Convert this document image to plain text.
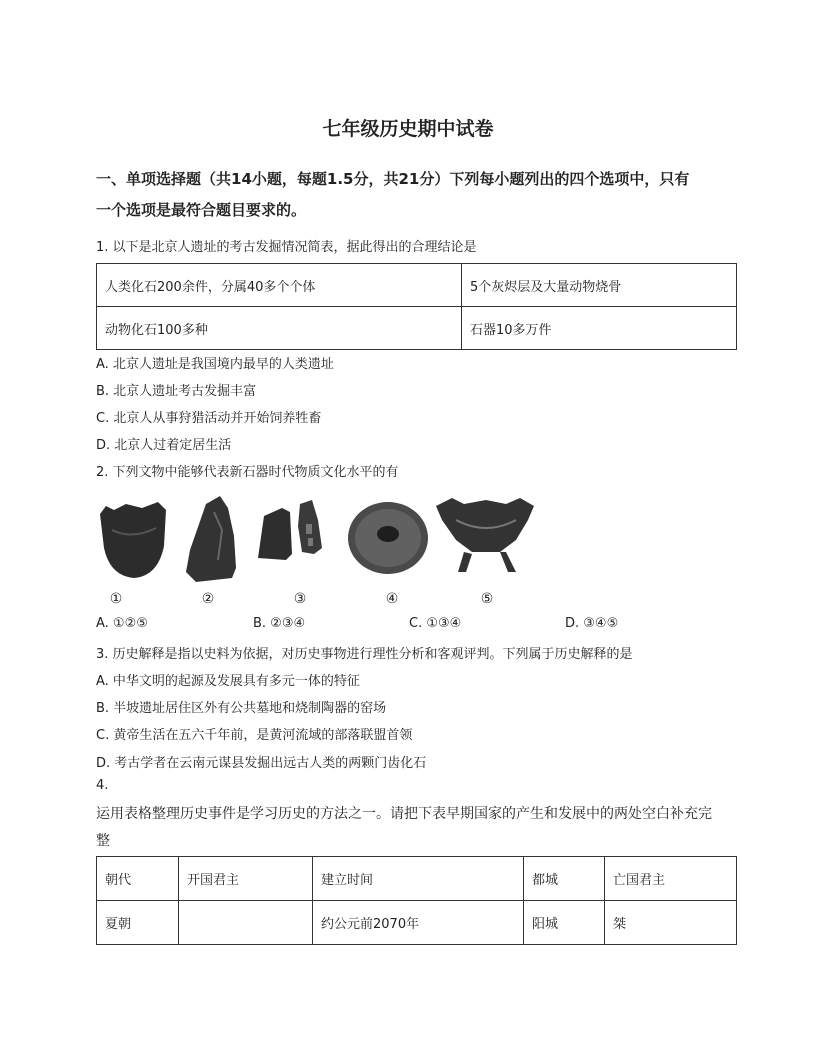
七年级历史期中试卷
一、单项选择题（共14小题，每题1.5分，共21分）下列每小题列出的四个选项中，只有
一个选项是最符合题目要求的。
1. 以下是北京人遗址的考古发掘情况简表，据此得出的合理结论是
人类化石200余件，分属40多个个体	5个灰烬层及大量动物烧骨
动物化石100多种	石器10多万件
A. 北京人遗址是我国境内最早的人类遗址
B. 北京人遗址考古发掘丰富
C. 北京人从事狩猎活动并开始饲养牲畜
D. 北京人过着定居生活
2. 下列文物中能够代表新石器时代物质文化水平的有
①	②	③	④	⑤
A. ①②⑤	B. ②③④	C. ①③④	D. ③④⑤
3. 历史解释是指以史料为依据，对历史事物进行理性分析和客观评判。下列属于历史解释的是
A. 中华文明的起源及发展具有多元一体的特征
B. 半坡遗址居住区外有公共墓地和烧制陶器的窑场
C. 黄帝生活在五六千年前，是黄河流域的部落联盟首领
D. 考古学者在云南元谋县发掘出远古人类的两颗门齿化石
4.
运用表格整理历史事件是学习历史的方法之一。请把下表早期国家的产生和发展中的两处空白补充完
整
朝代	开国君主	建立时间	都城	亡国君主
夏朝		约公元前2070年	阳城	桀
